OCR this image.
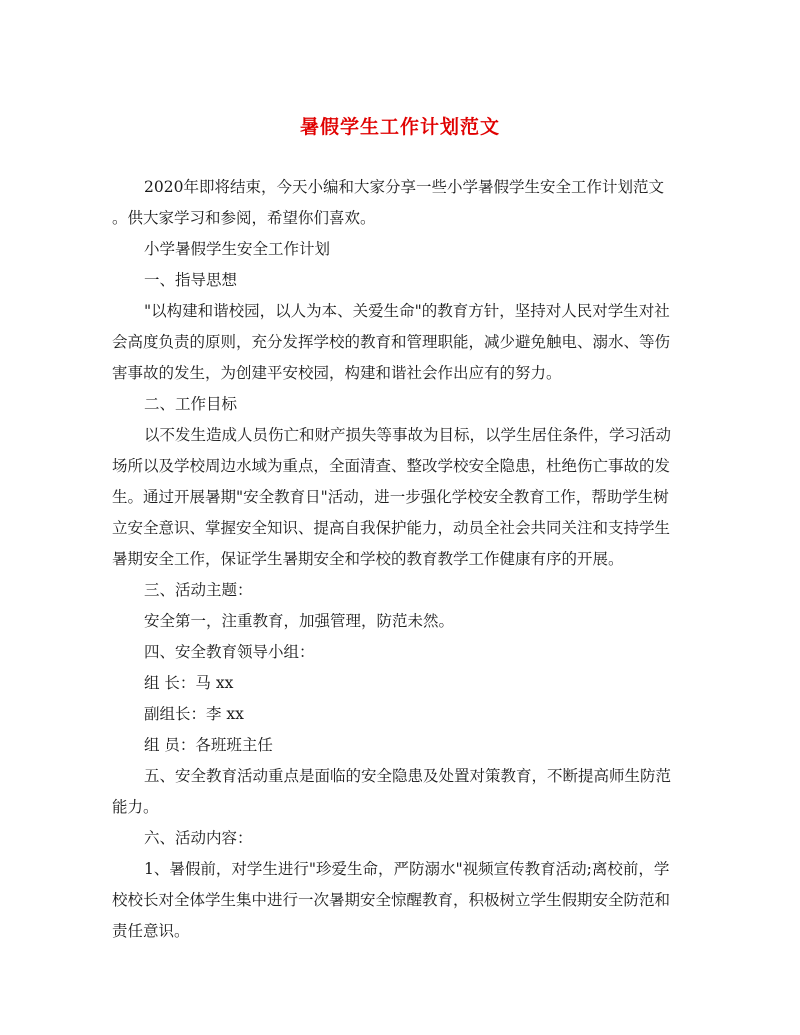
暑假学生工作计划范文
2020年即将结束，今天小编和大家分享一些小学暑假学生安全工作计划范文
。供大家学习和参阅，希望你们喜欢。
小学暑假学生安全工作计划
一、指导思想
"以构建和谐校园，以人为本、关爱生命"的教育方针，坚持对人民对学生对社
会高度负责的原则，充分发挥学校的教育和管理职能，减少避免触电、溺水、等伤
害事故的发生，为创建平安校园，构建和谐社会作出应有的努力。
二、工作目标
以不发生造成人员伤亡和财产损失等事故为目标，以学生居住条件，学习活动
场所以及学校周边水域为重点，全面清查、整改学校安全隐患，杜绝伤亡事故的发
生。通过开展暑期"安全教育日"活动，进一步强化学校安全教育工作，帮助学生树
立安全意识、掌握安全知识、提高自我保护能力，动员全社会共同关注和支持学生
暑期安全工作，保证学生暑期安全和学校的教育教学工作健康有序的开展。
三、活动主题：
安全第一，注重教育，加强管理，防范未然。
四、安全教育领导小组：
组 长：马 xx
副组长：李 xx
组 员：各班班主任
五、安全教育活动重点是面临的安全隐患及处置对策教育，不断提高师生防范
能力。
六、活动内容：
1、暑假前，对学生进行"珍爱生命，严防溺水"视频宣传教育活动;离校前，学
校校长对全体学生集中进行一次暑期安全惊醒教育，积极树立学生假期安全防范和
责任意识。
